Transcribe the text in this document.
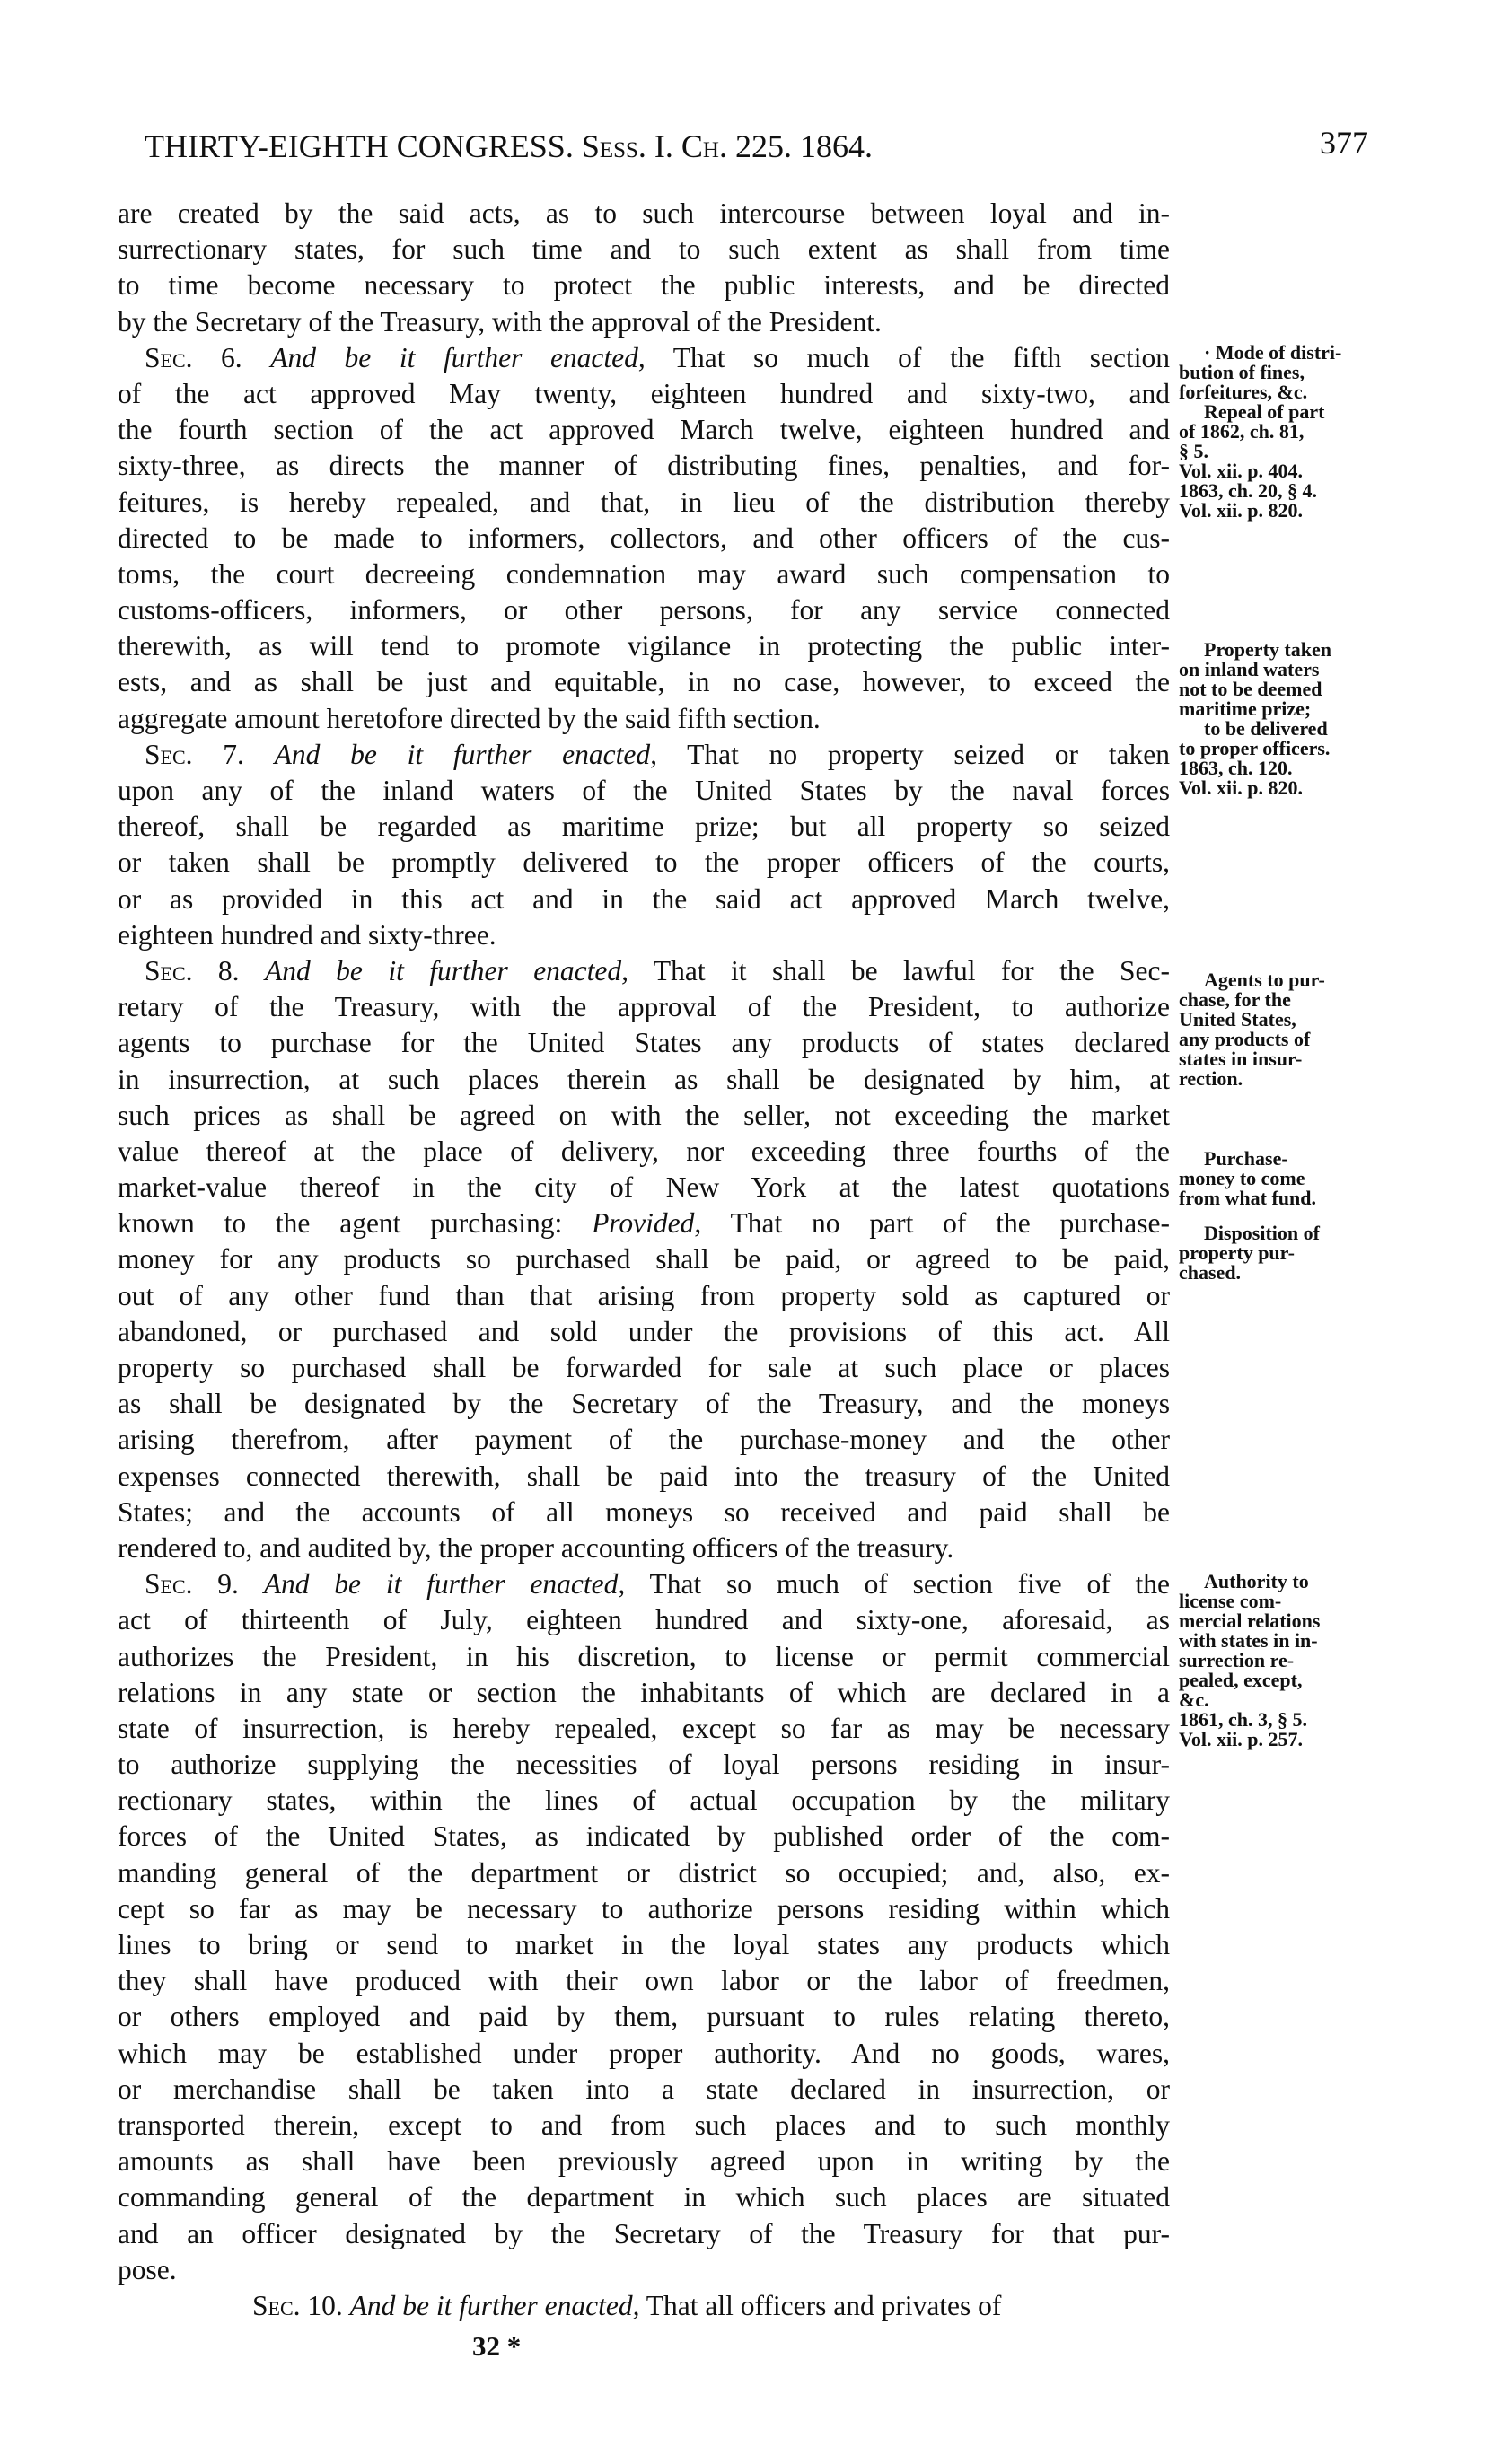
THIRTY-EIGHTH CONGRESS. Sess. I. Ch. 225. 1864.	377
are created by the said acts, as to such intercourse between loyal and in-
surrectionary states, for such time and to such extent as shall from time
to time become necessary to protect the public interests, and be directed
by the Secretary of the Treasury, with the approval of the President.
Sec. 6. And be it further enacted, That so much of the fifth section
of the act approved May twenty, eighteen hundred and sixty-two, and
the fourth section of the act approved March twelve, eighteen hundred and
sixty-three, as directs the manner of distributing fines, penalties, and for-
feitures, is hereby repealed, and that, in lieu of the distribution thereby
directed to be made to informers, collectors, and other officers of the cus-
toms, the court decreeing condemnation may award such compensation to
customs-officers, informers, or other persons, for any service connected
therewith, as will tend to promote vigilance in protecting the public inter-
ests, and as shall be just and equitable, in no case, however, to exceed the
aggregate amount heretofore directed by the said fifth section.
Sec. 7. And be it further enacted, That no property seized or taken
upon any of the inland waters of the United States by the naval forces
thereof, shall be regarded as maritime prize; but all property so seized
or taken shall be promptly delivered to the proper officers of the courts,
or as provided in this act and in the said act approved March twelve,
eighteen hundred and sixty-three.
Sec. 8. And be it further enacted, That it shall be lawful for the Sec-
retary of the Treasury, with the approval of the President, to authorize
agents to purchase for the United States any products of states declared
in insurrection, at such places therein as shall be designated by him, at
such prices as shall be agreed on with the seller, not exceeding the market
value thereof at the place of delivery, nor exceeding three fourths of the
market-value thereof in the city of New York at the latest quotations
known to the agent purchasing: Provided, That no part of the purchase-
money for any products so purchased shall be paid, or agreed to be paid,
out of any other fund than that arising from property sold as captured or
abandoned, or purchased and sold under the provisions of this act. All
property so purchased shall be forwarded for sale at such place or places
as shall be designated by the Secretary of the Treasury, and the moneys
arising therefrom, after payment of the purchase-money and the other
expenses connected therewith, shall be paid into the treasury of the United
States; and the accounts of all moneys so received and paid shall be
rendered to, and audited by, the proper accounting officers of the treasury.
Sec. 9. And be it further enacted, That so much of section five of the
act of thirteenth of July, eighteen hundred and sixty-one, aforesaid, as
authorizes the President, in his discretion, to license or permit commercial
relations in any state or section the inhabitants of which are declared in a
state of insurrection, is hereby repealed, except so far as may be necessary
to authorize supplying the necessities of loyal persons residing in insur-
rectionary states, within the lines of actual occupation by the military
forces of the United States, as indicated by published order of the com-
manding general of the department or district so occupied; and, also, ex-
cept so far as may be necessary to authorize persons residing within which
lines to bring or send to market in the loyal states any products which
they shall have produced with their own labor or the labor of freedmen,
or others employed and paid by them, pursuant to rules relating thereto,
which may be established under proper authority. And no goods, wares,
or merchandise shall be taken into a state declared in insurrection, or
transported therein, except to and from such places and to such monthly
amounts as shall have been previously agreed upon in writing by the
commanding general of the department in which such places are situated
and an officer designated by the Secretary of the Treasury for that pur-
pose.
Sec. 10. And be it further enacted, That all officers and privates of
· Mode of distri-
bution of fines,
forfeitures, &c.
Repeal of part
of 1862, ch. 81,
§ 5.
Vol. xii. p. 404.
1863, ch. 20, § 4.
Vol. xii. p. 820.
Property taken
on inland waters
not to be deemed
maritime prize;
to be delivered
to proper officers.
1863, ch. 120.
Vol. xii. p. 820.
Agents to pur-
chase, for the
United States,
any products of
states in insur-
rection.
Purchase-
money to come
from what fund.
Disposition of
property pur-
chased.
Authority to
license com-
mercial relations
with states in in-
surrection re-
pealed, except,
&c.
1861, ch. 3, § 5.
Vol. xii. p. 257.
32 *
